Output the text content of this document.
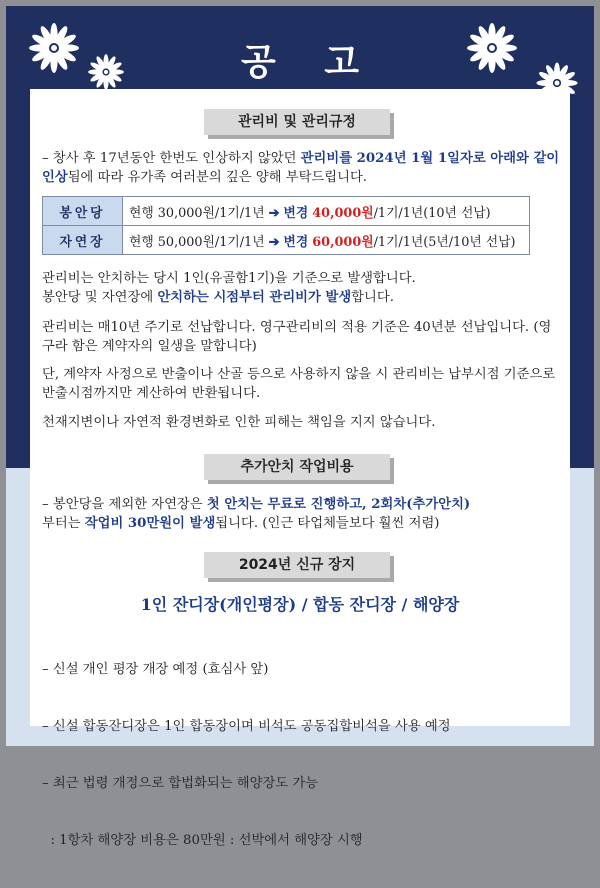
공 고
관리비 및 관리규정
– 창사 후 17년동안 한번도 인상하지 않았던 관리비를 2024년 1월 1일자로 아래와 같이 인상됨에 따라 유가족 여러분의 깊은 양해 부탁드립니다.
봉안당	현행 30,000원/1기/1년 ➔ 변경 40,000원/1기/1년(10년 선납)
자연장	현행 50,000원/1기/1년 ➔ 변경 60,000원/1기/1년(5년/10년 선납)
관리비는 안치하는 당시 1인(유골함1기)을 기준으로 발생합니다.
봉안당 및 자연장에 안치하는 시점부터 관리비가 발생합니다.
관리비는 매10년 주기로 선납합니다. 영구관리비의 적용 기준은 40년분 선납입니다. (영구라 함은 계약자의 일생을 말합니다)
단, 계약자 사정으로 반출이나 산골 등으로 사용하지 않을 시 관리비는 납부시점 기준으로 반출시점까지만 계산하여 반환됩니다.
천재지변이나 자연적 환경변화로 인한 피해는 책임을 지지 않습니다.
추가안치 작업비용
– 봉안당을 제외한 자연장은 첫 안치는 무료로 진행하고, 2회차(추가안치)
부터는 작업비 30만원이 발생됩니다. (인근 타업체들보다 훨씬 저렴)
2024년 신규 장지
1인 잔디장(개인평장) / 합동 잔디장 / 해양장

– 신설 개인 평장 개장 예정 (효심사 앞)

– 신설 합동잔디장은 1인 합동장이며 비석도 공동집합비석을 사용 예정

– 최근 법령 개정으로 합법화되는 해양장도 가능

: 1항차 해양장 비용은 80만원 : 선박에서 해양장 시행
